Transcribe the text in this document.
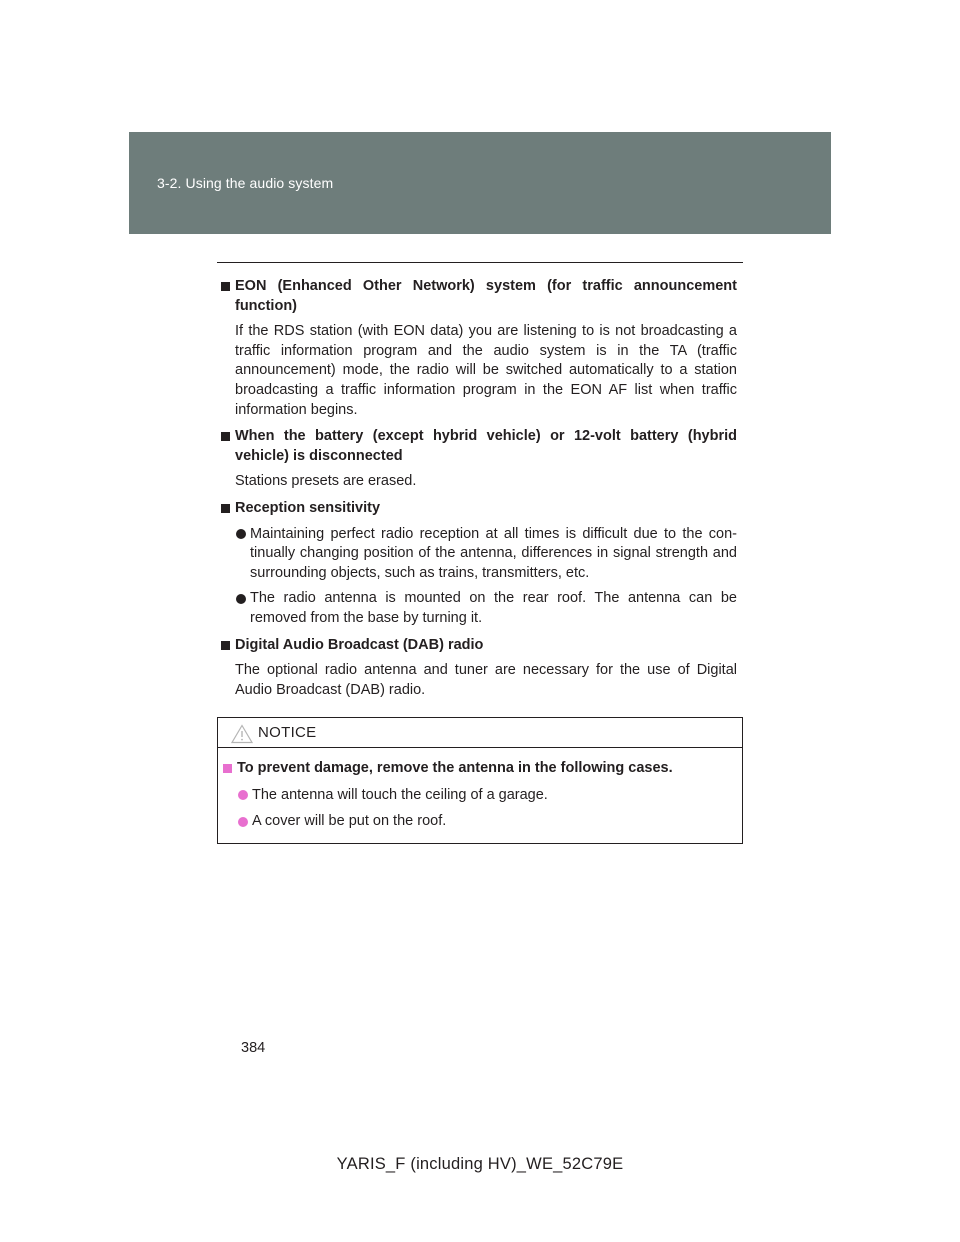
3-2. Using the audio system
EON (Enhanced Other Network) system (for traffic announcement function)
If the RDS station (with EON data) you are listening to is not broadcasting a traffic information program and the audio system is in the TA (traffic announcement) mode, the radio will be switched automatically to a station broadcasting a traffic information program in the EON AF list when traffic information begins.
When the battery (except hybrid vehicle) or 12-volt battery (hybrid vehicle) is disconnected
Stations presets are erased.
Reception sensitivity
Maintaining perfect radio reception at all times is difficult due to the con-tinually changing position of the antenna, differences in signal strength and surrounding objects, such as trains, transmitters, etc.
The radio antenna is mounted on the rear roof. The antenna can be removed from the base by turning it.
Digital Audio Broadcast (DAB) radio
The optional radio antenna and tuner are necessary for the use of Digital Audio Broadcast (DAB) radio.
NOTICE
To prevent damage, remove the antenna in the following cases.
The antenna will touch the ceiling of a garage.
A cover will be put on the roof.
384
YARIS_F (including HV)_WE_52C79E
